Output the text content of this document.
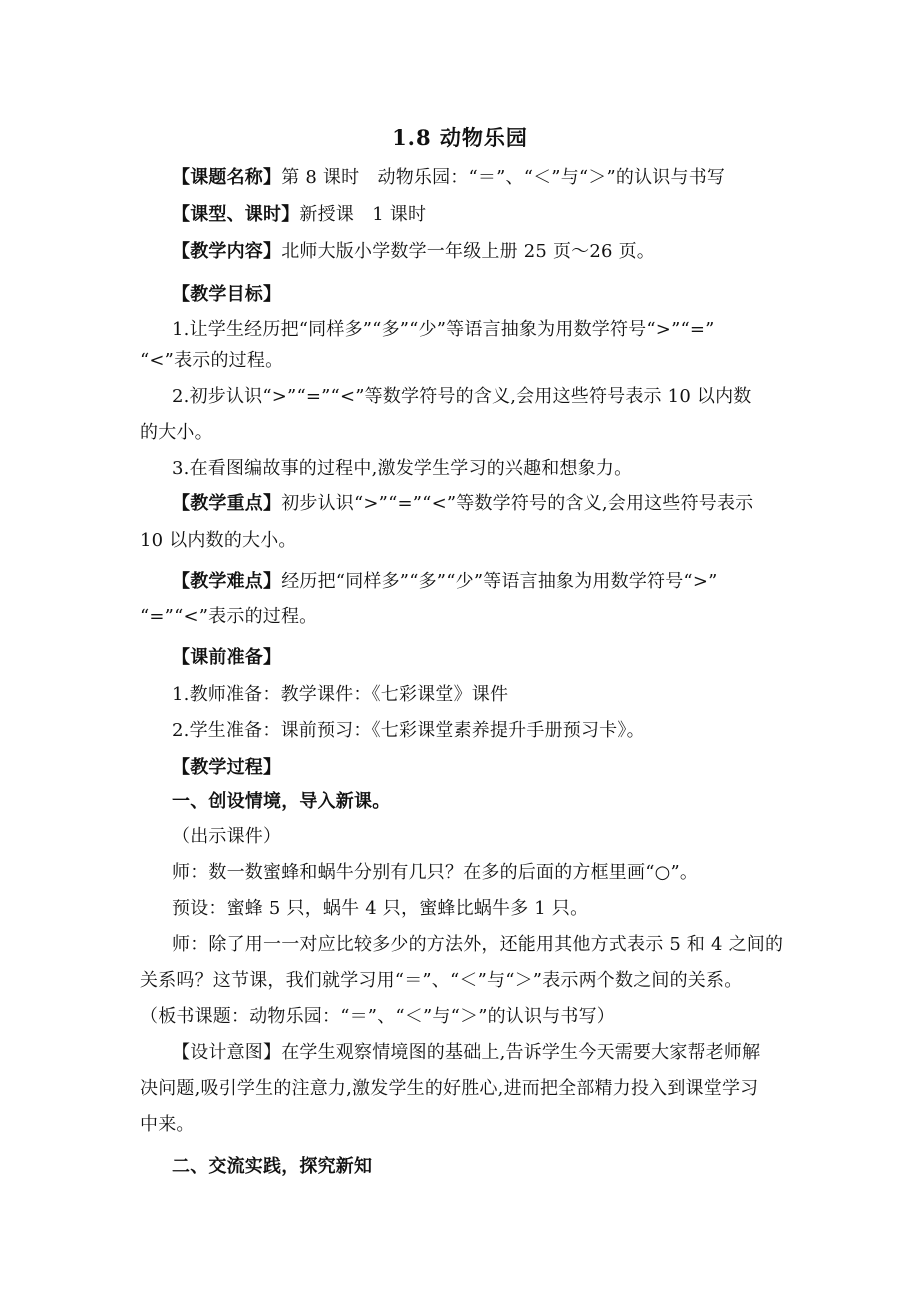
1.8 动物乐园
【课题名称】第 8 课时　动物乐园：“＝”、“＜”与“＞”的认识与书写
【课型、课时】新授课　1 课时
【教学内容】北师大版小学数学一年级上册 25 页～26 页。
【教学目标】
1.让学生经历把“同样多”“多”“少”等语言抽象为用数学符号“>”“=”
“<”表示的过程。
2.初步认识“>”“=”“<”等数学符号的含义,会用这些符号表示 10 以内数
的大小。
3.在看图编故事的过程中,激发学生学习的兴趣和想象力。
【教学重点】初步认识“>”“=”“<”等数学符号的含义,会用这些符号表示
10 以内数的大小。
【教学难点】经历把“同样多”“多”“少”等语言抽象为用数学符号“>”
“=”“<”表示的过程。
【课前准备】
1.教师准备：教学课件：《七彩课堂》课件
2.学生准备：课前预习：《七彩课堂素养提升手册预习卡》。
【教学过程】
一、创设情境，导入新课。
（出示课件）
师：数一数蜜蜂和蜗牛分别有几只？在多的后面的方框里画“○”。
预设：蜜蜂 5 只，蜗牛 4 只，蜜蜂比蜗牛多 1 只。
师：除了用一一对应比较多少的方法外，还能用其他方式表示 5 和 4 之间的
关系吗？这节课，我们就学习用“＝”、“＜”与“＞”表示两个数之间的关系。
（板书课题：动物乐园：“＝”、“＜”与“＞”的认识与书写）
【设计意图】在学生观察情境图的基础上,告诉学生今天需要大家帮老师解
决问题,吸引学生的注意力,激发学生的好胜心,进而把全部精力投入到课堂学习
中来。
二、交流实践，探究新知
